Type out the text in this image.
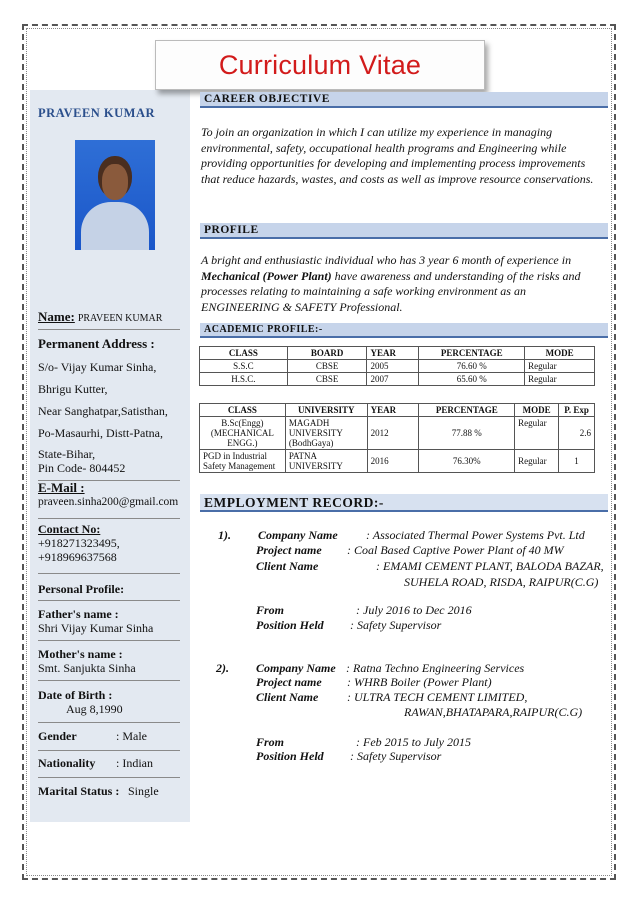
Curriculum Vitae
PRAVEEN KUMAR
Name: PRAVEEN KUMAR
Permanent Address :
S/o- Vijay Kumar Sinha,
Bhrigu Kutter,
Near Sanghatpar,Satisthan,
Po-Masaurhi, Distt-Patna,
State-Bihar,
Pin Code- 804452
E-Mail :
praveen.sinha200@gmail.com
Contact No:
+918271323495,
+918969637568
Personal Profile:
Father's name :
Shri Vijay Kumar Sinha
Mother's name :
Smt. Sanjukta Sinha
Date of Birth :
Aug 8,1990
Gender	: Male
Nationality : Indian
Marital Status : Single
CAREER OBJECTIVE
To join an organization in which I can utilize my experience in managing environmental, safety, occupational health programs and Engineering while providing opportunities for developing and implementing process improvements that reduce hazards, wastes, and costs as well as improve resource conservations.
PROFILE
A bright and enthusiastic individual who has 3 year 6 month of experience in Mechanical (Power Plant) have awareness and understanding of the risks and processes relating to maintaining a safe working environment as an ENGINEERING & SAFETY Professional.
ACADEMIC PROFILE:-
CLASS	BOARD	YEAR	PERCENTAGE	MODE
S.S.C	CBSE	2005	76.60 %	Regular
H.S.C.	CBSE	2007	65.60 %	Regular
CLASS	UNIVERSITY	YEAR	PERCENTAGE	MODE	P. Exp
B.Sc(Engg) (MECHANICAL ENGG.)	MAGADH UNIVERSITY (BodhGaya)	2012	77.88 %	Regular	2.6
PGD in Industrial Safety Management	PATNA UNIVERSITY	2016	76.30%	Regular	1
EMPLOYMENT RECORD:-
1). Company Name : Associated Thermal Power Systems Pvt. Ltd
Project name : Coal Based Captive Power Plant of 40 MW
Client Name	: EMAMI CEMENT PLANT, BALODA BAZAR,
SUHELA ROAD, RISDA, RAIPUR(C.G)
From	: July 2016 to Dec 2016
Position Held : Safety Supervisor
2). Company Name : Ratna Techno Engineering Services
Project name : WHRB Boiler (Power Plant)
Client Name : ULTRA TECH CEMENT LIMITED,
RAWAN,BHATAPARA,RAIPUR(C.G)
From	: Feb 2015 to July 2015
Position Held : Safety Supervisor
